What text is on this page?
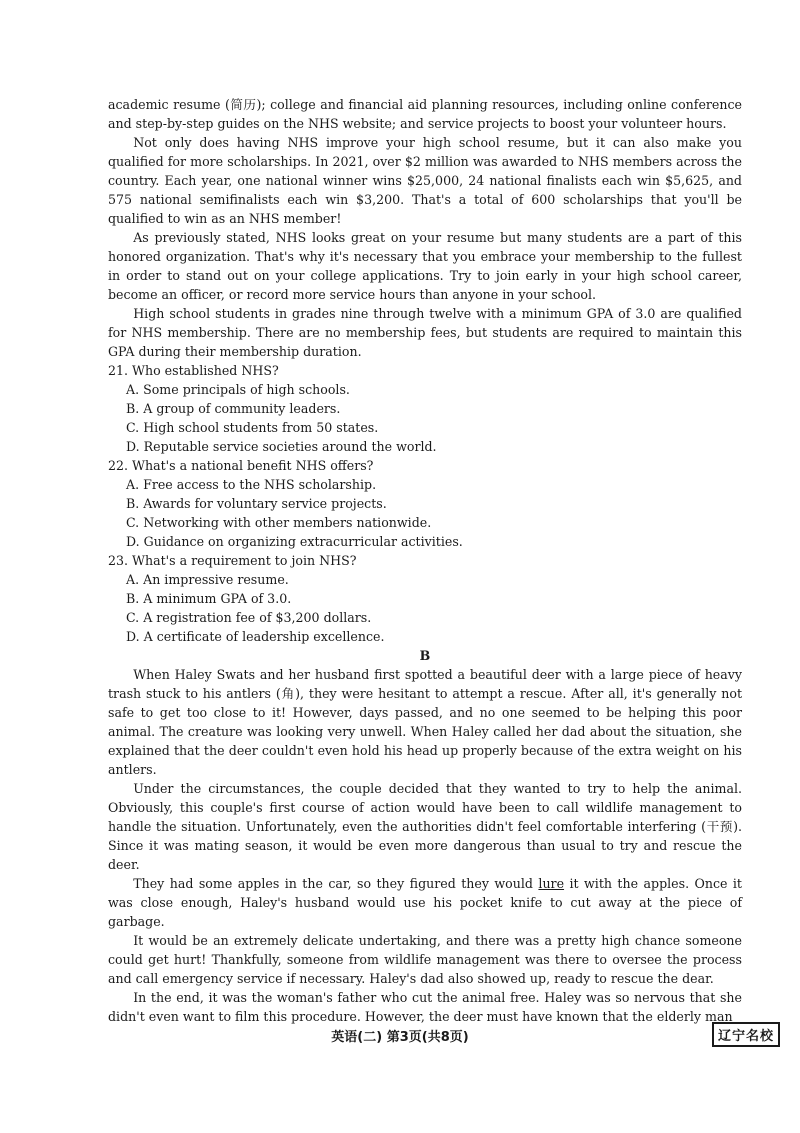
academic resume (简历); college and financial aid planning resources, including online conference and step-by-step guides on the NHS website; and service projects to boost your volunteer hours.

Not only does having NHS improve your high school resume, but it can also make you qualified for more scholarships. In 2021, over $2 million was awarded to NHS members across the country. Each year, one national winner wins $25,000, 24 national finalists each win $5,625, and 575 national semifinalists each win $3,200. That's a total of 600 scholarships that you'll be qualified to win as an NHS member!

As previously stated, NHS looks great on your resume but many students are a part of this honored organization. That's why it's necessary that you embrace your membership to the fullest in order to stand out on your college applications. Try to join early in your high school career, become an officer, or record more service hours than anyone in your school.

High school students in grades nine through twelve with a minimum GPA of 3.0 are qualified for NHS membership. There are no membership fees, but students are required to maintain this GPA during their membership duration.

21. Who established NHS?

A. Some principals of high schools.
B. A group of community leaders.
C. High school students from 50 states.
D. Reputable service societies around the world.

22. What's a national benefit NHS offers?

A. Free access to the NHS scholarship.
B. Awards for voluntary service projects.
C. Networking with other members nationwide.
D. Guidance on organizing extracurricular activities.

23. What's a requirement to join NHS?

A. An impressive resume.
B. A minimum GPA of 3.0.
C. A registration fee of $3,200 dollars.
D. A certificate of leadership excellence.

B

When Haley Swats and her husband first spotted a beautiful deer with a large piece of heavy trash stuck to his antlers (角), they were hesitant to attempt a rescue. After all, it's generally not safe to get too close to it! However, days passed, and no one seemed to be helping this poor animal. The creature was looking very unwell. When Haley called her dad about the situation, she explained that the deer couldn't even hold his head up properly because of the extra weight on his antlers.

Under the circumstances, the couple decided that they wanted to try to help the animal. Obviously, this couple's first course of action would have been to call wildlife management to handle the situation. Unfortunately, even the authorities didn't feel comfortable interfering (干预). Since it was mating season, it would be even more dangerous than usual to try and rescue the deer.

They had some apples in the car, so they figured they would lure it with the apples. Once it was close enough, Haley's husband would use his pocket knife to cut away at the piece of garbage.

It would be an extremely delicate undertaking, and there was a pretty high chance someone could get hurt! Thankfully, someone from wildlife management was there to oversee the process and call emergency service if necessary. Haley's dad also showed up, ready to rescue the dear.

In the end, it was the woman's father who cut the animal free. Haley was so nervous that she didn't even want to film this procedure. However, the deer must have known that the elderly man

英语(二) 第3页(共8页)	辽宁名校
